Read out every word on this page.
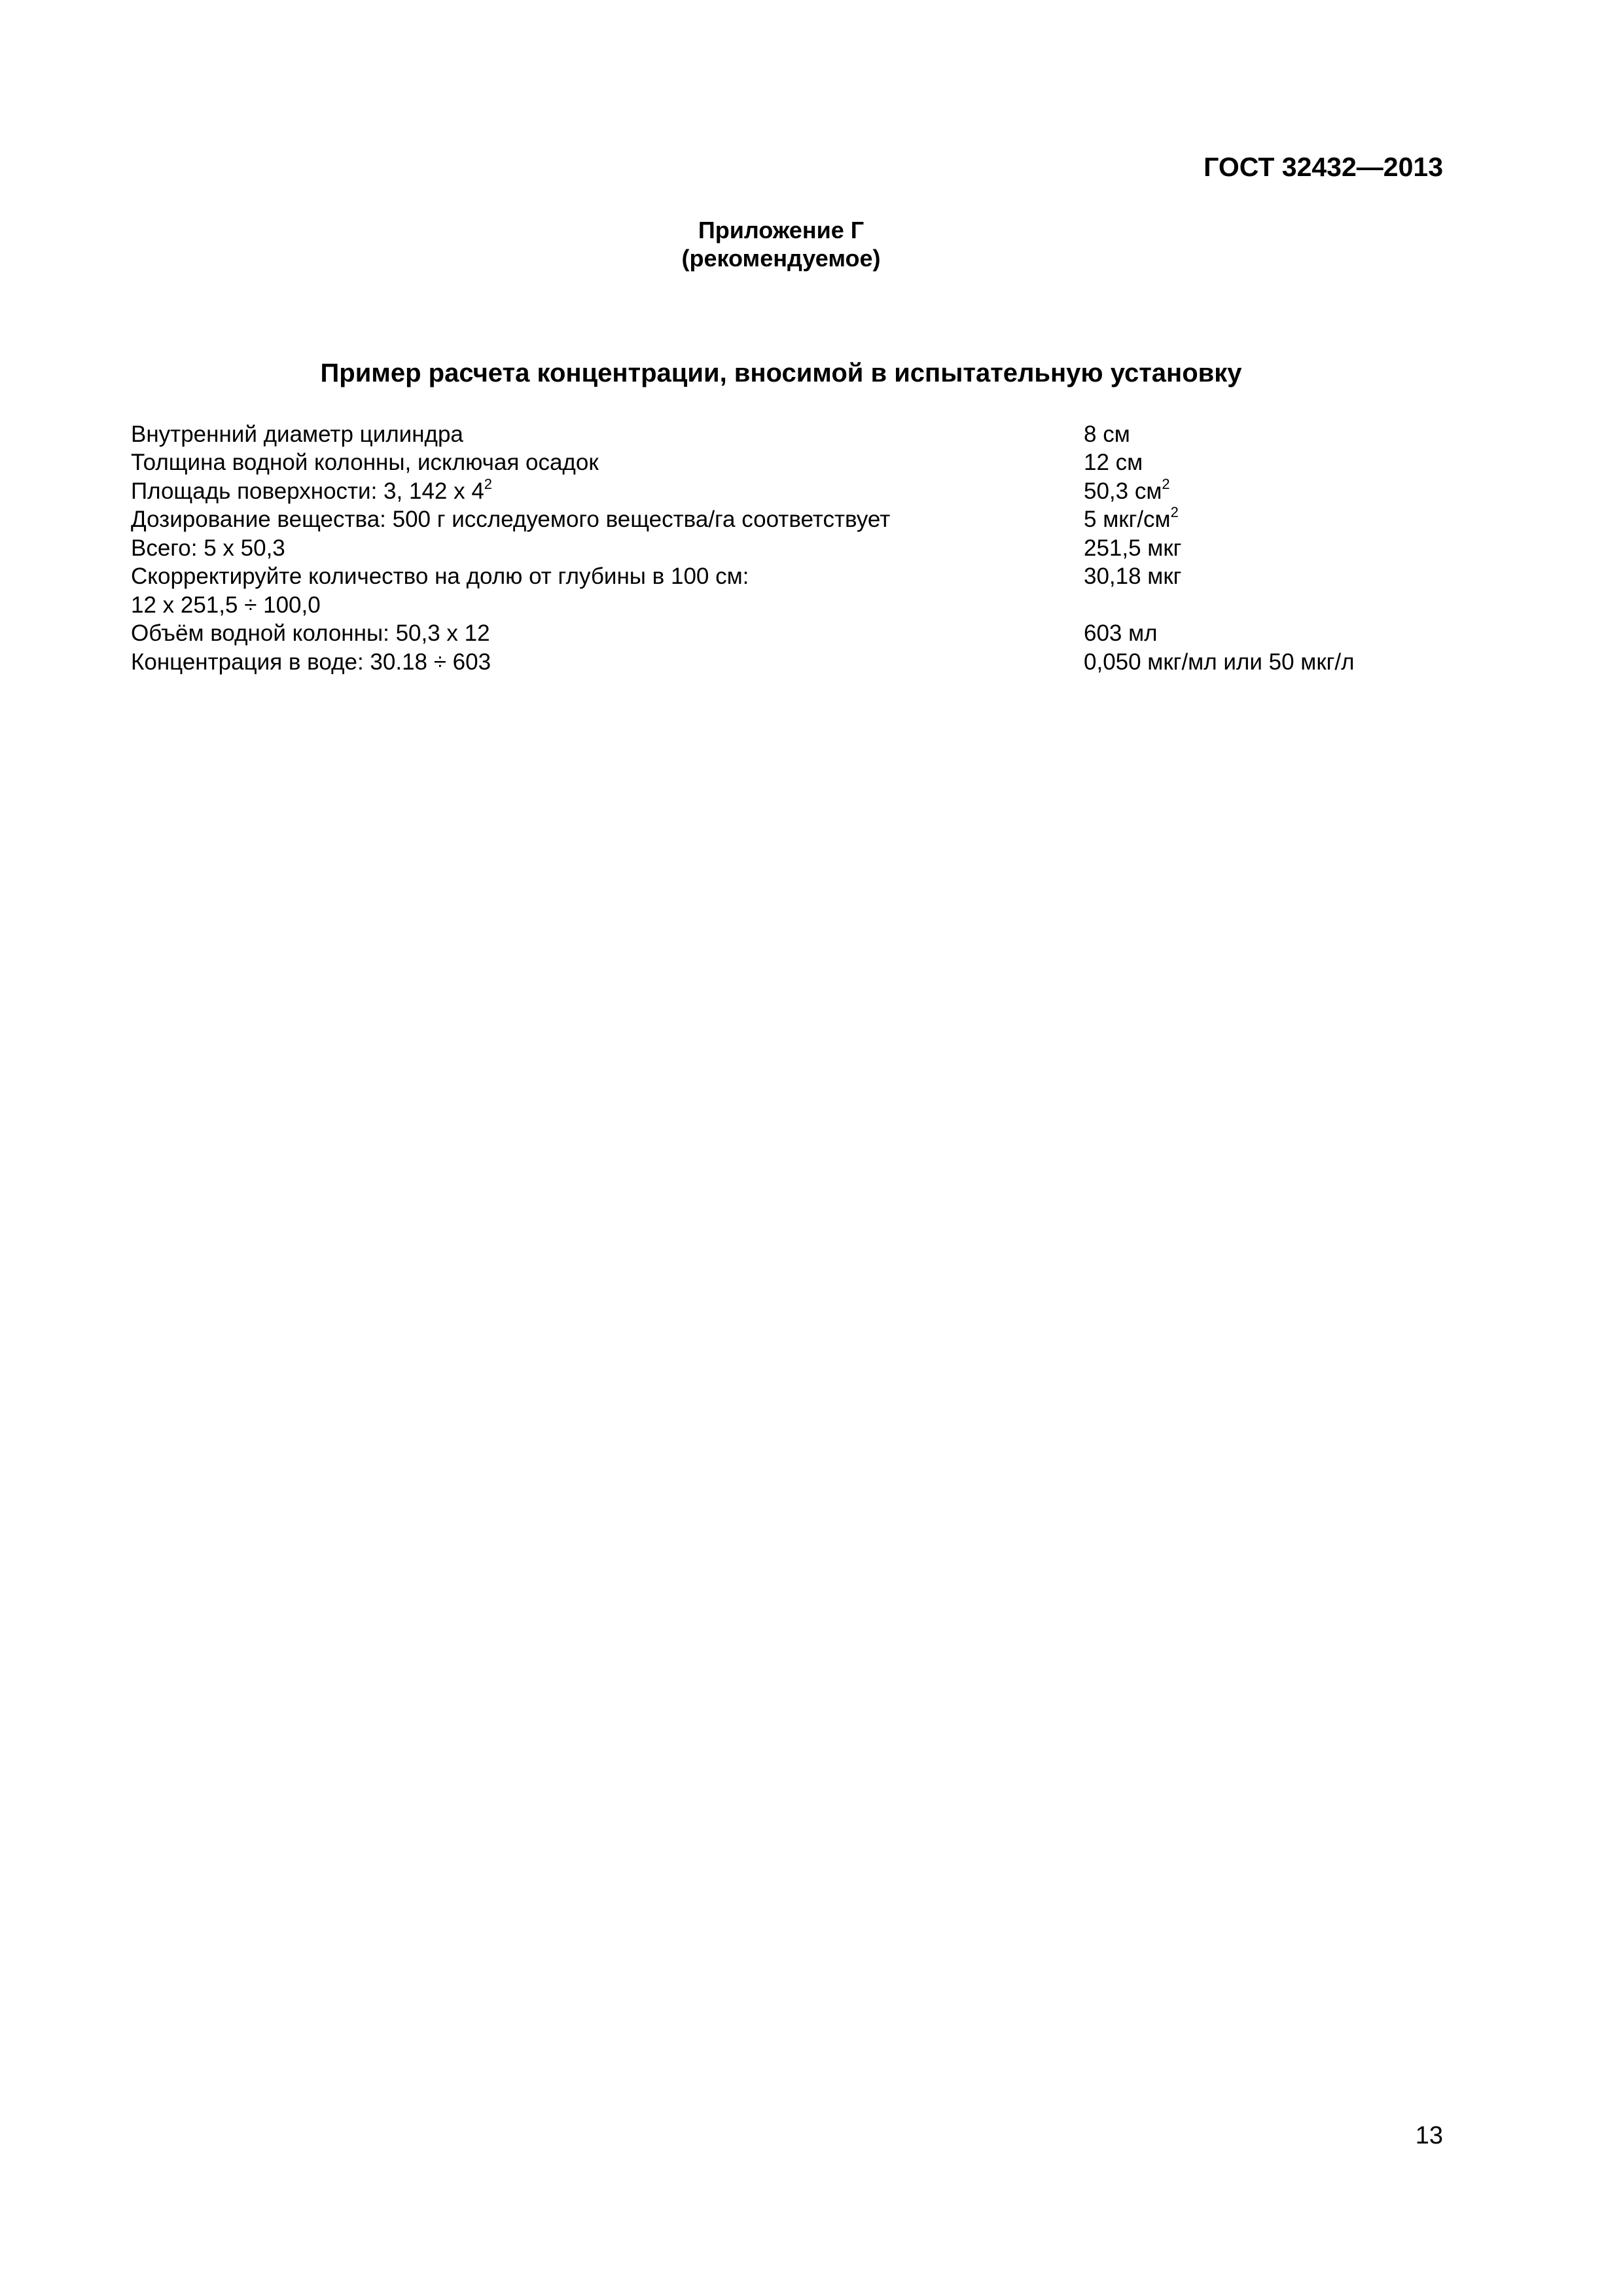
ГОСТ 32432—2013
Приложение Г
(рекомендуемое)
Пример расчета концентрации, вносимой в испытательную установку
Внутренний диаметр цилиндра	8 см
Толщина водной колонны, исключая осадок	12 см
Площадь поверхности: 3, 142 x $4^2$	50,3 $см^2$
Дозирование вещества: 500 г исследуемого вещества/га соответствует	5 мкг/$см^2$
Всего: 5 x 50,3	251,5 мкг
Скорректируйте количество на долю от глубины в 100 см:	30,18 мкг
12 x 251,5 ÷ 100,0
Объём водной колонны: 50,3 x 12	603 мл
Концентрация в воде: 30.18 ÷ 603	0,050 мкг/мл или 50 мкг/л
13
